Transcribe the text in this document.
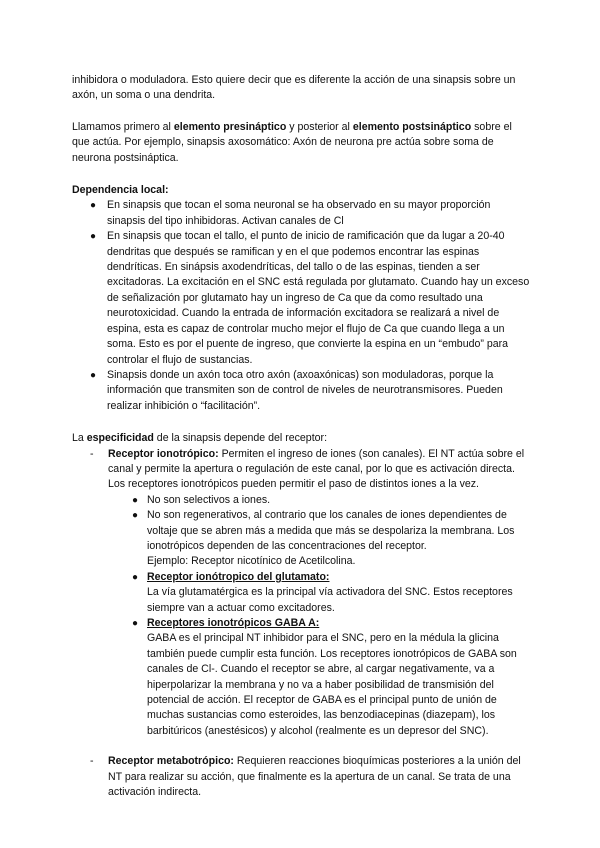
inhibidora o moduladora. Esto quiere decir que es diferente la acción de una sinapsis sobre un axón, un soma o una dendrita.

Llamamos primero al elemento presináptico y posterior al elemento postsináptico sobre el que actúa. Por ejemplo, sinapsis axosomático: Axón de neurona pre actúa sobre soma de neurona postsináptica.

Dependencia local:

● En sinapsis que tocan el soma neuronal se ha observado en su mayor proporción sinapsis del tipo inhibidoras. Activan canales de Cl
● En sinapsis que tocan el tallo, el punto de inicio de ramificación que da lugar a 20-40 dendritas que después se ramifican y en el que podemos encontrar las espinas dendríticas. En sinápsis axodendríticas, del tallo o de las espinas, tienden a ser excitadoras. La excitación en el SNC está regulada por glutamato. Cuando hay un exceso de señalización por glutamato hay un ingreso de Ca que da como resultado una neurotoxicidad. Cuando la entrada de información excitadora se realizará a nivel de espina, esta es capaz de controlar mucho mejor el flujo de Ca que cuando llega a un soma. Esto es por el puente de ingreso, que convierte la espina en un “embudo” para controlar el flujo de sustancias.
● Sinapsis donde un axón toca otro axón (axoaxónicas) son moduladoras, porque la información que transmiten son de control de niveles de neurotransmisores. Pueden realizar inhibición o “facilitación”.

La especificidad de la sinapsis depende del receptor:

- Receptor ionotrópico: Permiten el ingreso de iones (son canales). El NT actúa sobre el canal y permite la apertura o regulación de este canal, por lo que es activación directa. Los receptores ionotrópicos pueden permitir el paso de distintos iones a la vez.

● No son selectivos a iones.
● No son regenerativos, al contrario que los canales de iones dependientes de voltaje que se abren más a medida que más se despolariza la membrana. Los ionotrópicos dependen de las concentraciones del receptor.
Ejemplo: Receptor nicotínico de Acetilcolina.
● Receptor ionótropico del glutamato:
La vía glutamatérgica es la principal vía activadora del SNC. Estos receptores siempre van a actuar como excitadores.
● Receptores ionotrópicos GABA A:
GABA es el principal NT inhibidor para el SNC, pero en la médula la glicina también puede cumplir esta función. Los receptores ionotrópicos de GABA son canales de Cl-. Cuando el receptor se abre, al cargar negativamente, va a hiperpolarizar la membrana y no va a haber posibilidad de transmisión del potencial de acción. El receptor de GABA es el principal punto de unión de muchas sustancias como esteroides, las benzodiacepinas (diazepam), los barbitúricos (anestésicos) y alcohol (realmente es un depresor del SNC).
- Receptor metabotrópico: Requieren reacciones bioquímicas posteriores a la unión del NT para realizar su acción, que finalmente es la apertura de un canal. Se trata de una activación indirecta.
